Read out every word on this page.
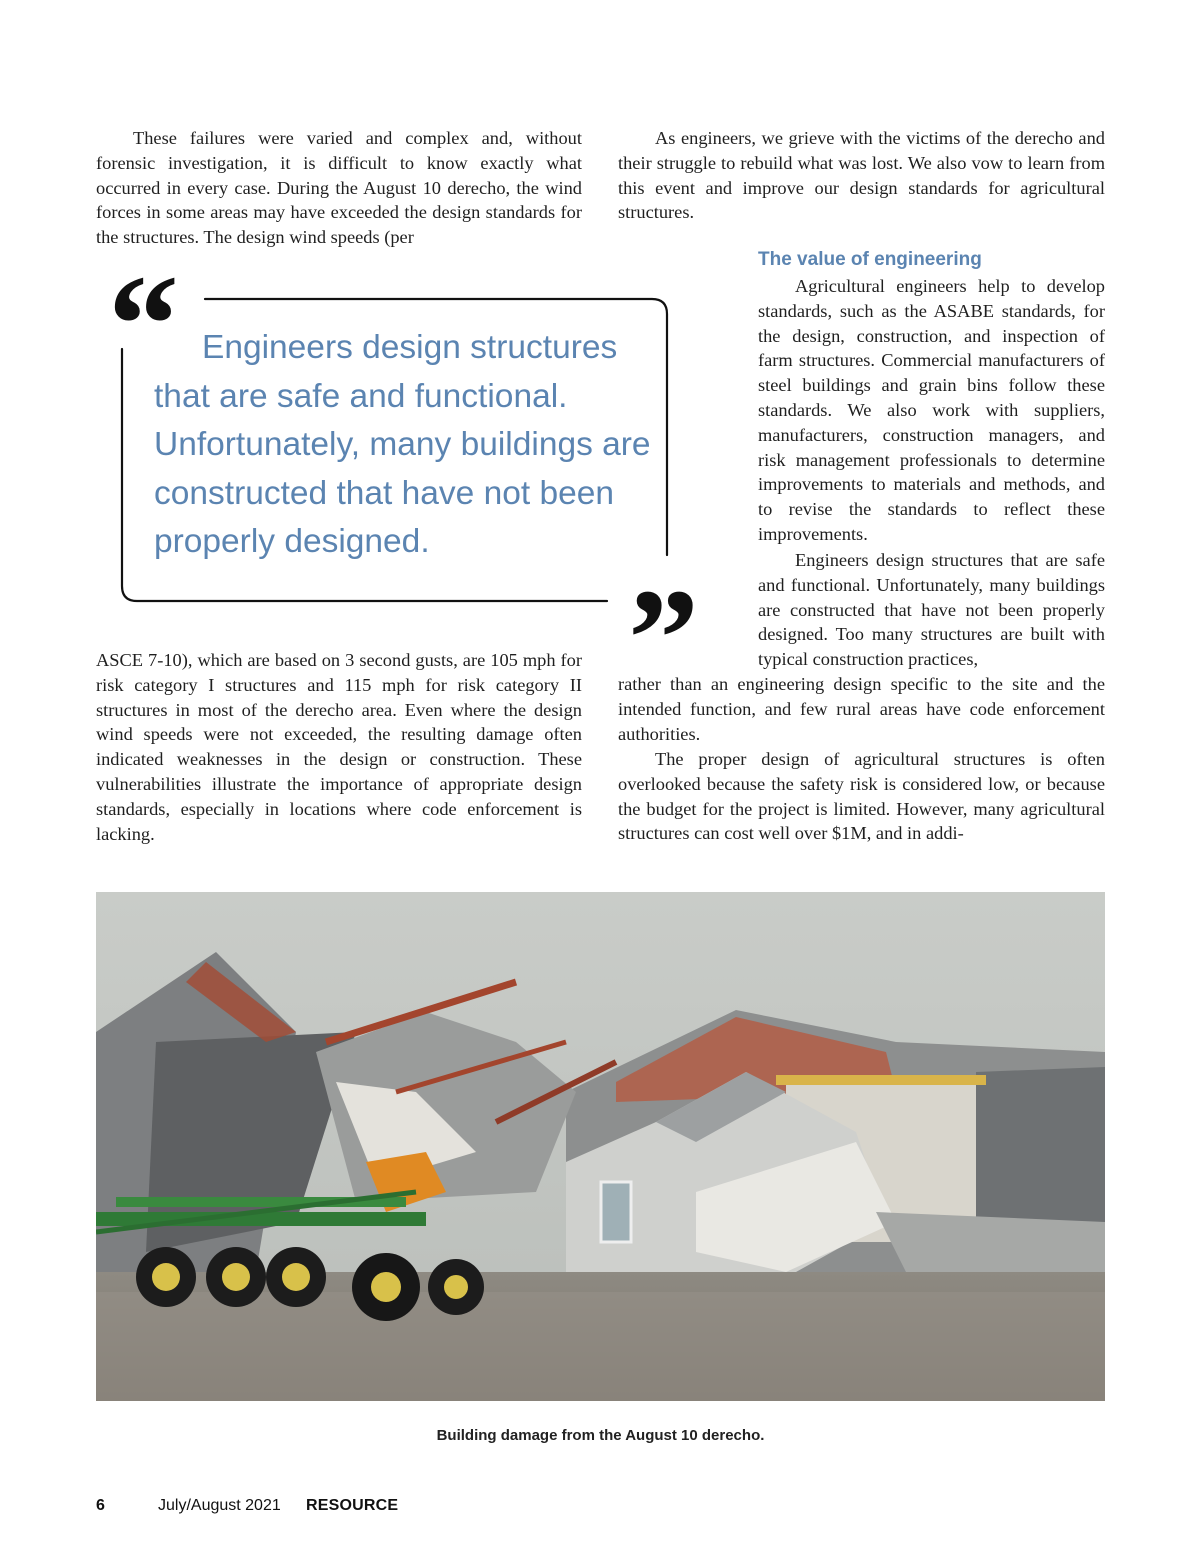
These failures were varied and complex and, without forensic investigation, it is difficult to know exactly what occurred in every case. During the August 10 derecho, the wind forces in some areas may have exceeded the design standards for the structures. The design wind speeds (per

ASCE 7-10), which are based on 3 second gusts, are 105 mph for risk category I structures and 115 mph for risk category II structures in most of the derecho area. Even where the design wind speeds were not exceeded, the resulting damage often indicated weaknesses in the design or construction. These vulnerabilities illustrate the importance of appropriate design standards, especially in locations where code enforcement is lacking.

As engineers, we grieve with the victims of the derecho and their struggle to rebuild what was lost. We also vow to learn from this event and improve our design standards for agricultural structures.

The value of engineering

Agricultural engineers help to develop standards, such as the ASABE standards, for the design, construction, and inspection of farm structures. Commercial manufacturers of steel buildings and grain bins follow these standards. We also work with suppliers, manufacturers, construction managers, and risk management professionals to determine improvements to materials and methods, and to revise the standards to reflect these improvements.

Engineers design structures that are safe and functional. Unfortunately, many buildings are constructed that have not been properly designed. Too many structures are built with typical construction practices,

rather than an engineering design specific to the site and the intended function, and few rural areas have code enforcement authorities.

The proper design of agricultural structures is often overlooked because the safety risk is considered low, or because the budget for the project is limited. However, many agricultural structures can cost well over $1M, and in addi-

“
”

Engineers design structures that are safe and functional. Unfortunately, many buildings are constructed that have not been properly designed.

Building damage from the August 10 derecho.

6	July/August 2021 RESOURCE
